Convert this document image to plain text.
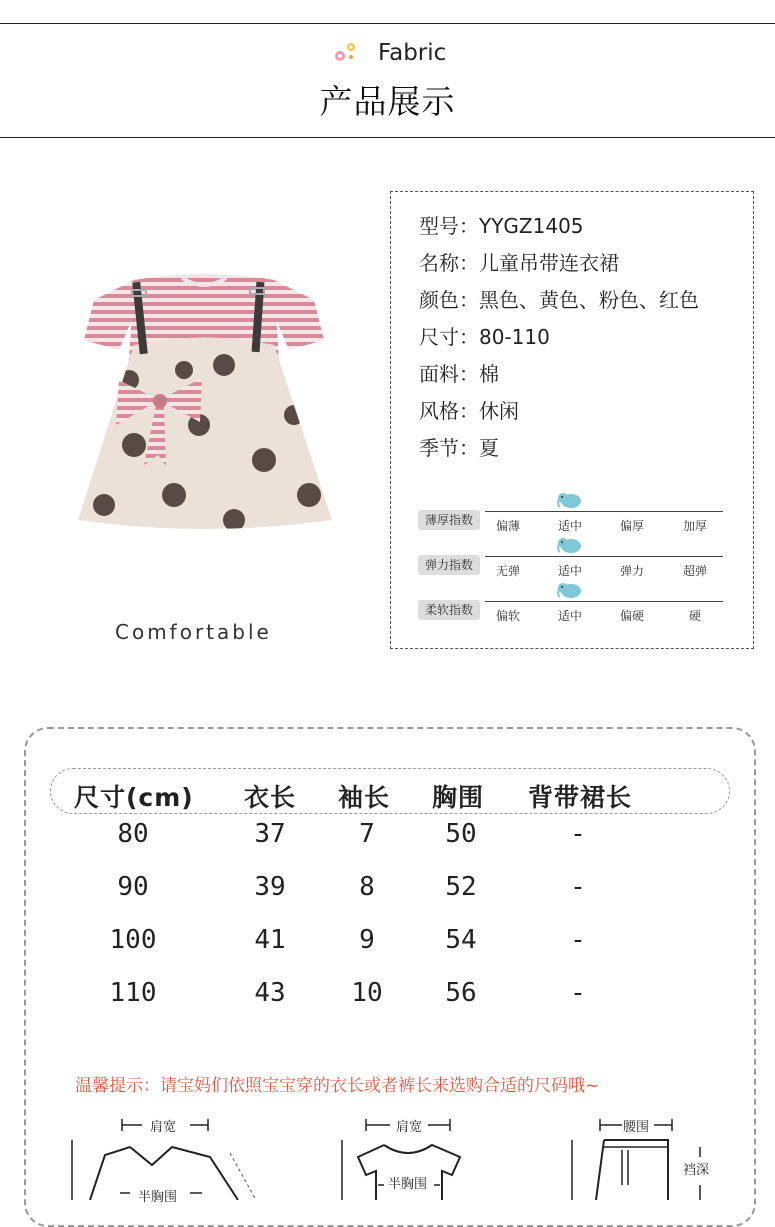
Fabric
产品展示
Comfortable
型号：YYGZ1405
名称：儿童吊带连衣裙
颜色：黑色、黄色、粉色、红色
尺寸：80-110
面料：棉
风格：休闲
季节：夏
薄厚指数	偏薄	适中	偏厚	加厚
弹力指数	无弹	适中	弹力	超弹
柔软指数	偏软	适中	偏硬	硬
尺寸(cm) 衣长 袖长 胸围 背带裙长
80	37	7	50	-
90	39	8	52	-
100	41	9	54	-
110	43	10	56	-
温馨提示：请宝妈们依照宝宝穿的衣长或者裤长来选购合适的尺码哦~
肩宽
半胸围
肩宽
半胸围
腰围
裆深
